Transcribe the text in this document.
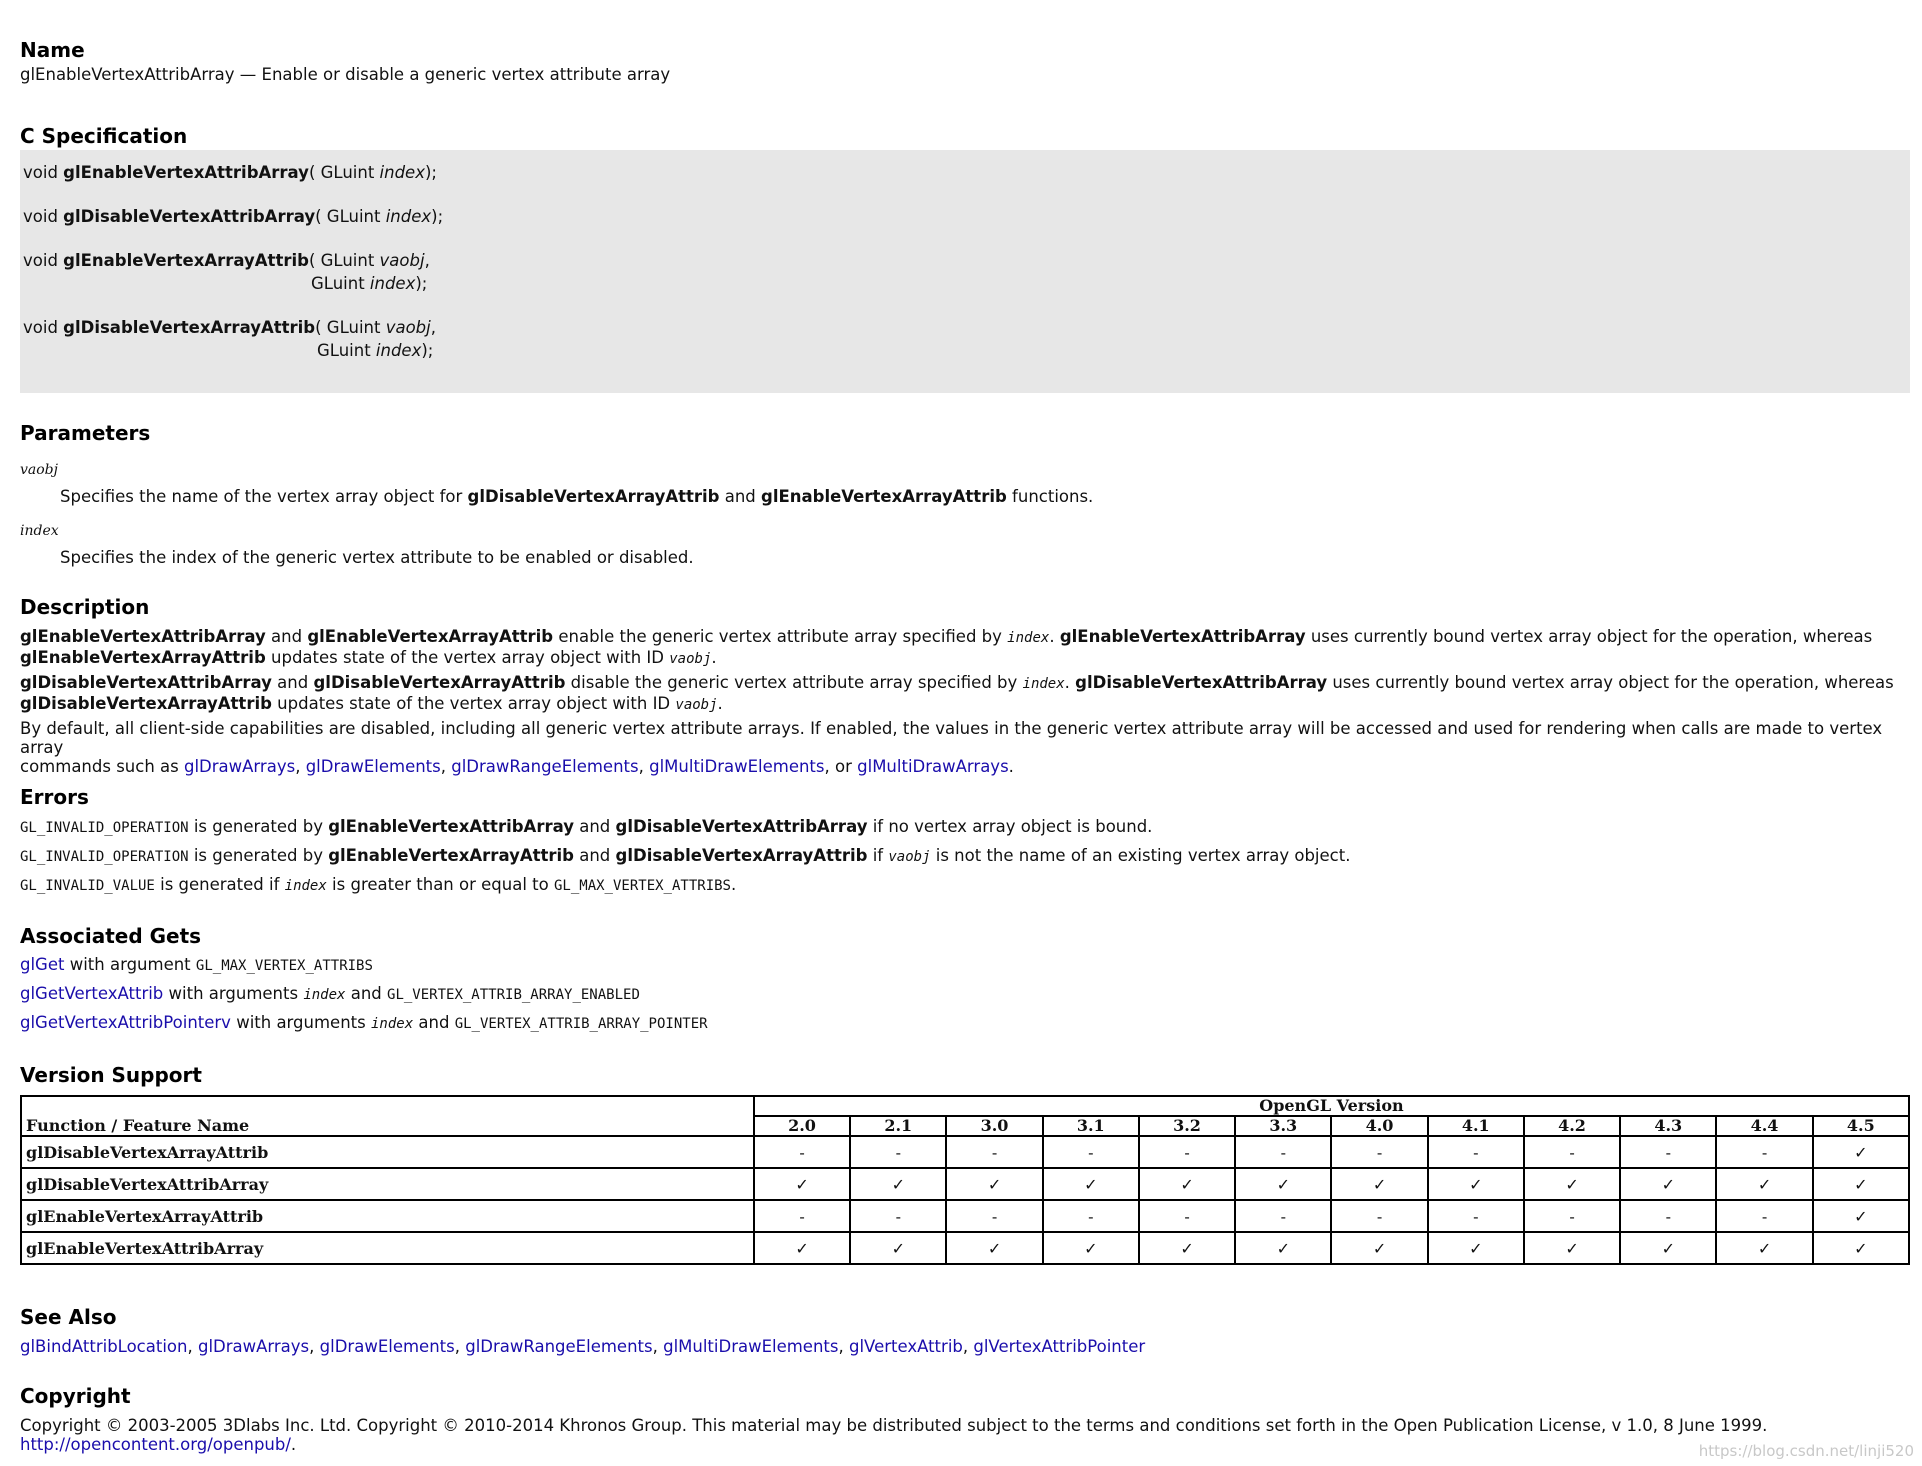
Name
glEnableVertexAttribArray — Enable or disable a generic vertex attribute array
C Specification
void glEnableVertexAttribArray( GLuint index);
void glDisableVertexAttribArray( GLuint index);
void glEnableVertexArrayAttrib( GLuint vaobj,
GLuint index);
void glDisableVertexArrayAttrib( GLuint vaobj,
GLuint index);
Parameters
vaobj
Specifies the name of the vertex array object for glDisableVertexArrayAttrib and glEnableVertexArrayAttrib functions.
index
Specifies the index of the generic vertex attribute to be enabled or disabled.
Description
glEnableVertexAttribArray and glEnableVertexArrayAttrib enable the generic vertex attribute array specified by index. glEnableVertexAttribArray uses currently bound vertex array object for the operation, whereas
glEnableVertexArrayAttrib updates state of the vertex array object with ID vaobj.
glDisableVertexAttribArray and glDisableVertexArrayAttrib disable the generic vertex attribute array specified by index. glDisableVertexAttribArray uses currently bound vertex array object for the operation, whereas
glDisableVertexArrayAttrib updates state of the vertex array object with ID vaobj.
By default, all client-side capabilities are disabled, including all generic vertex attribute arrays. If enabled, the values in the generic vertex attribute array will be accessed and used for rendering when calls are made to vertex array
commands such as glDrawArrays, glDrawElements, glDrawRangeElements, glMultiDrawElements, or glMultiDrawArrays.
Errors
GL_INVALID_OPERATION is generated by glEnableVertexAttribArray and glDisableVertexAttribArray if no vertex array object is bound.
GL_INVALID_OPERATION is generated by glEnableVertexArrayAttrib and glDisableVertexArrayAttrib if vaobj is not the name of an existing vertex array object.
GL_INVALID_VALUE is generated if index is greater than or equal to GL_MAX_VERTEX_ATTRIBS.
Associated Gets
glGet with argument GL_MAX_VERTEX_ATTRIBS
glGetVertexAttrib with arguments index and GL_VERTEX_ATTRIB_ARRAY_ENABLED
glGetVertexAttribPointerv with arguments index and GL_VERTEX_ATTRIB_ARRAY_POINTER
Version Support
Function / Feature Name	OpenGL Version											
	2.0	2.1	3.0	3.1	3.2	3.3	4.0	4.1	4.2	4.3	4.4	4.5
glDisableVertexArrayAttrib	-	-	-	-	-	-	-	-	-	-	-	✓
glDisableVertexAttribArray	✓	✓	✓	✓	✓	✓	✓	✓	✓	✓	✓	✓
glEnableVertexArrayAttrib	-	-	-	-	-	-	-	-	-	-	-	✓
glEnableVertexAttribArray	✓	✓	✓	✓	✓	✓	✓	✓	✓	✓	✓	✓
See Also
glBindAttribLocation, glDrawArrays, glDrawElements, glDrawRangeElements, glMultiDrawElements, glVertexAttrib, glVertexAttribPointer
Copyright
Copyright © 2003-2005 3Dlabs Inc. Ltd. Copyright © 2010-2014 Khronos Group. This material may be distributed subject to the terms and conditions set forth in the Open Publication License, v 1.0, 8 June 1999.
http://opencontent.org/openpub/.	https://blog.csdn.net/linji520
